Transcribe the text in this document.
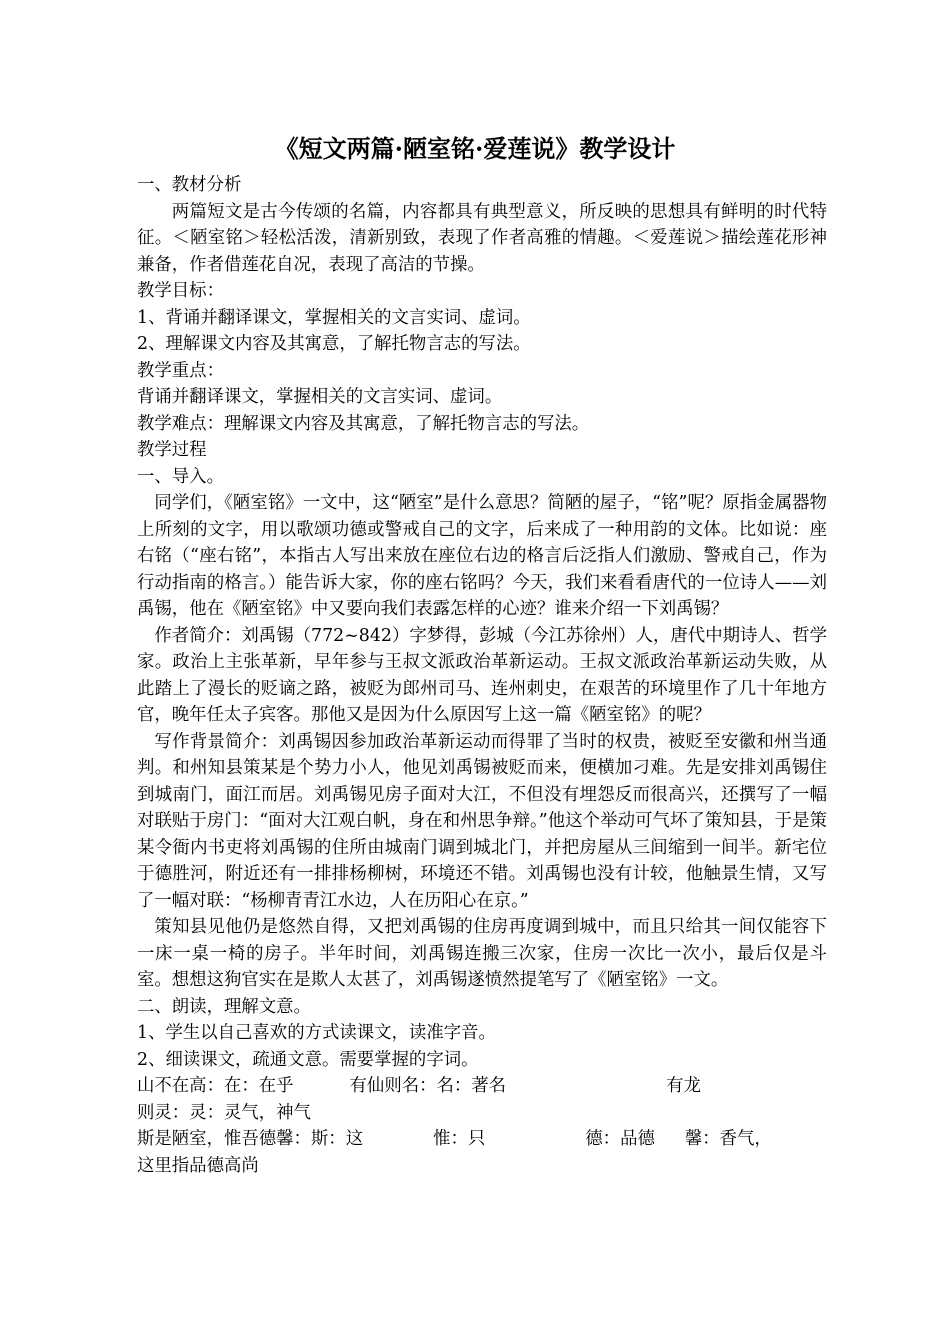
《短文两篇·陋室铭·爱莲说》教学设计

一、教材分析

两篇短文是古今传颂的名篇，内容都具有典型意义，所反映的思想具有鲜明的时代特征。＜陋室铭＞轻松活泼，清新别致，表现了作者高雅的情趣。＜爱莲说＞描绘莲花形神兼备，作者借莲花自况，表现了高洁的节操。

教学目标：

1、背诵并翻译课文，掌握相关的文言实词、虚词。

2、理解课文内容及其寓意，了解托物言志的写法。

教学重点：

背诵并翻译课文，掌握相关的文言实词、虚词。

教学难点：理解课文内容及其寓意，了解托物言志的写法。

教学过程

一、导入。

同学们，《陋室铭》一文中，这“陋室”是什么意思？简陋的屋子，“铭”呢？原指金属器物上所刻的文字，用以歌颂功德或警戒自己的文字，后来成了一种用韵的文体。比如说：座右铭（“座右铭”，本指古人写出来放在座位右边的格言后泛指人们激励、警戒自己，作为行动指南的格言。）能告诉大家，你的座右铭吗？今天，我们来看看唐代的一位诗人——刘禹锡，他在《陋室铭》中又要向我们表露怎样的心迹？谁来介绍一下刘禹锡？

作者简介：刘禹锡（772~842）字梦得，彭城（今江苏徐州）人，唐代中期诗人、哲学家。政治上主张革新，早年参与王叔文派政治革新运动。王叔文派政治革新运动失败，从此踏上了漫长的贬谪之路，被贬为郎州司马、连州刺史，在艰苦的环境里作了几十年地方官，晚年任太子宾客。那他又是因为什么原因写上这一篇《陋室铭》的呢？

写作背景简介：刘禹锡因参加政治革新运动而得罪了当时的权贵，被贬至安徽和州当通判。和州知县策某是个势力小人，他见刘禹锡被贬而来，便横加刁难。先是安排刘禹锡住到城南门，面江而居。刘禹锡见房子面对大江，不但没有埋怨反而很高兴，还撰写了一幅对联贴于房门：“面对大江观白帆，身在和州思争辩。”他这个举动可气坏了策知县，于是策某令衙内书吏将刘禹锡的住所由城南门调到城北门，并把房屋从三间缩到一间半。新宅位于德胜河，附近还有一排排杨柳树，环境还不错。刘禹锡也没有计较，他触景生情，又写了一幅对联：“杨柳青青江水边，人在历阳心在京。”

策知县见他仍是悠然自得，又把刘禹锡的住房再度调到城中，而且只给其一间仅能容下一床一桌一椅的房子。半年时间，刘禹锡连搬三次家，住房一次比一次小，最后仅是斗室。想想这狗官实在是欺人太甚了，刘禹锡遂愤然提笔写了《陋室铭》一文。

二、朗读，理解文意。

1、学生以自己喜欢的方式读课文，读准字音。

2、细读课文，疏通文意。需要掌握的字词。

山不在高：在：在乎	有仙则名：名：著名	有龙

则灵：灵：灵气，神气

斯是陋室，惟吾德馨：斯：这	惟：只	德：品德 馨：香气，

这里指品德高尚
